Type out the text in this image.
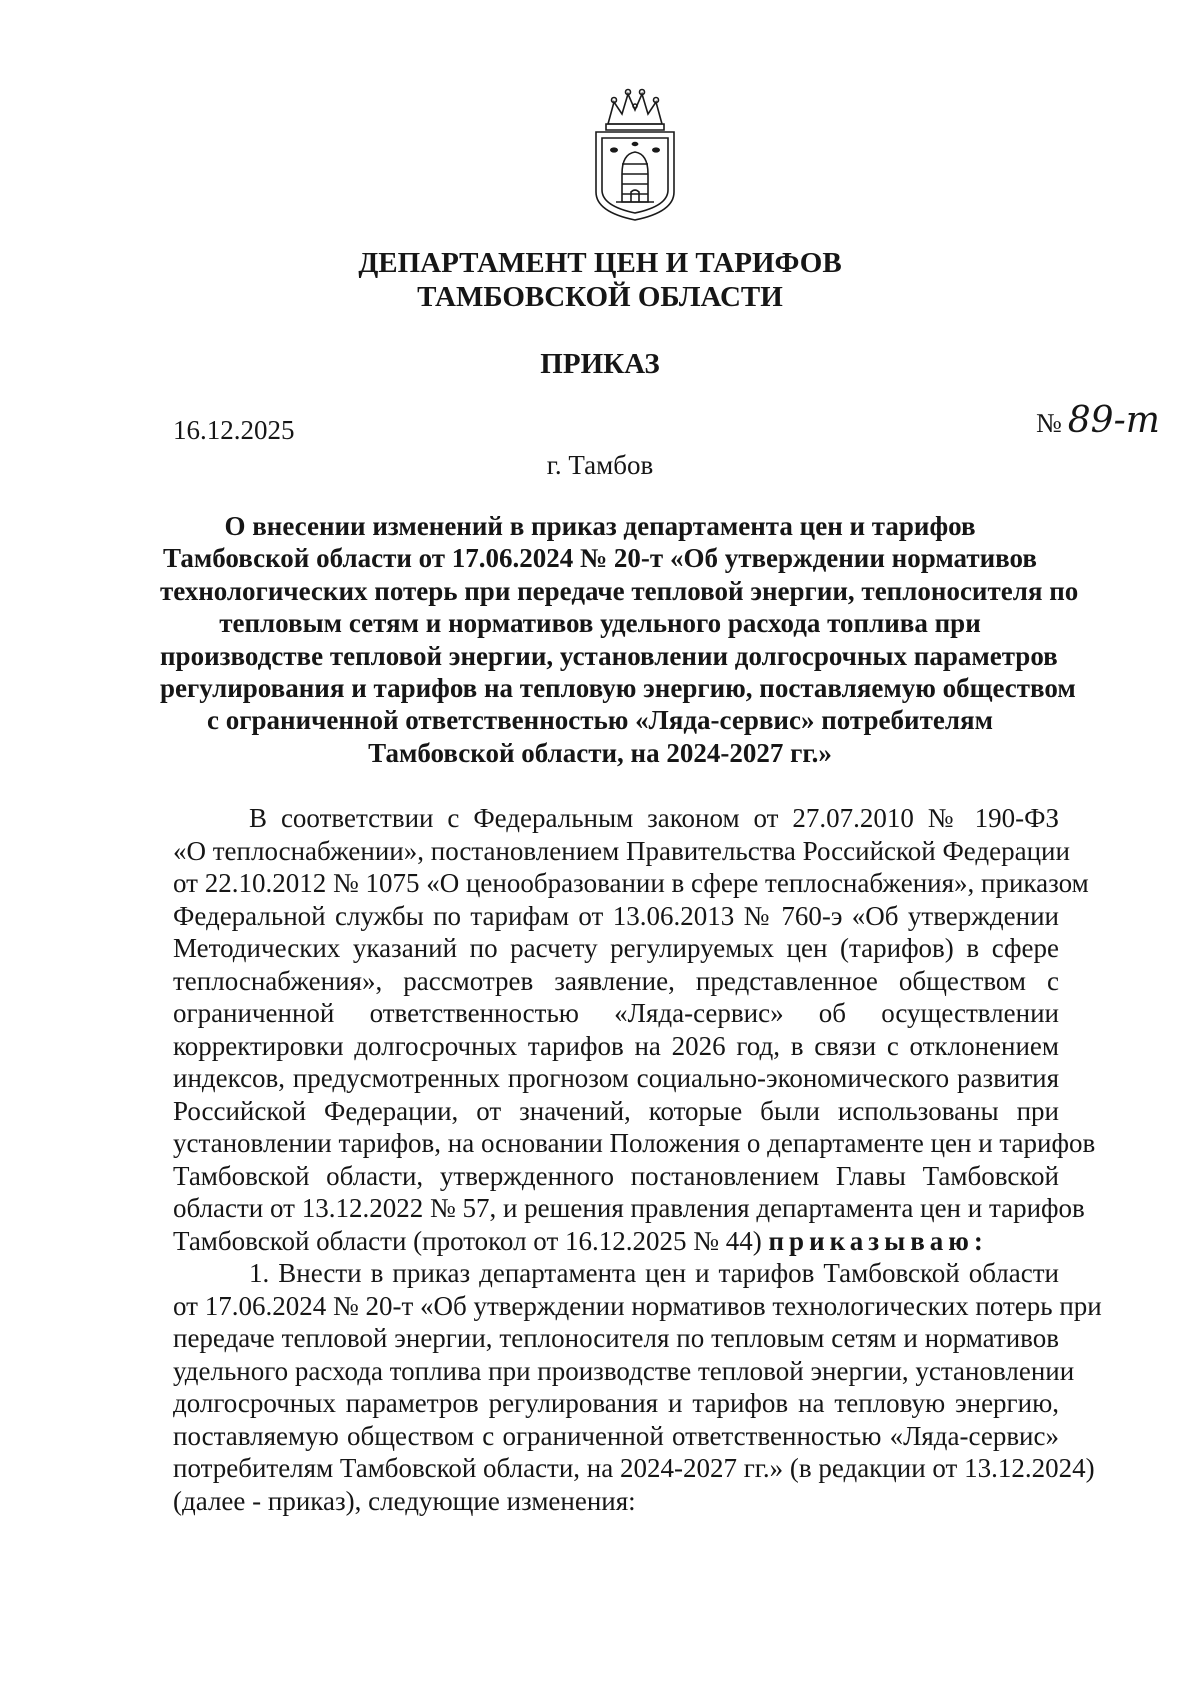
ДЕПАРТАМЕНТ ЦЕН И ТАРИФОВ
ТАМБОВСКОЙ ОБЛАСТИ
ПРИКАЗ
16.12.2025	№ 89-т
г. Тамбов
О внесении изменений в приказ департамента цен и тарифов
Тамбовской области от 17.06.2024 № 20-т «Об утверждении нормативов
технологических потерь при передаче тепловой энергии, теплоносителя по
тепловым сетям и нормативов удельного расхода топлива при
производстве тепловой энергии, установлении долгосрочных параметров
регулирования и тарифов на тепловую энергию, поставляемую обществом
с ограниченной ответственностью «Ляда-сервис» потребителям
Тамбовской области, на 2024-2027 гг.»
В соответствии с Федеральным законом от 27.07.2010 № 190-ФЗ
«О теплоснабжении», постановлением Правительства Российской Федерации
от 22.10.2012 № 1075 «О ценообразовании в сфере теплоснабжения», приказом
Федеральной службы по тарифам от 13.06.2013 № 760-э «Об утверждении
Методических указаний по расчету регулируемых цен (тарифов) в сфере
теплоснабжения», рассмотрев заявление, представленное обществом с
ограниченной ответственностью «Ляда-сервис» об осуществлении
корректировки долгосрочных тарифов на 2026 год, в связи с отклонением
индексов, предусмотренных прогнозом социально-экономического развития
Российской Федерации, от значений, которые были использованы при
установлении тарифов, на основании Положения о департаменте цен и тарифов
Тамбовской области, утвержденного постановлением Главы Тамбовской
области от 13.12.2022 № 57, и решения правления департамента цен и тарифов
Тамбовской области (протокол от 16.12.2025 № 44) приказываю:
1. Внести в приказ департамента цен и тарифов Тамбовской области
от 17.06.2024 № 20-т «Об утверждении нормативов технологических потерь при
передаче тепловой энергии, теплоносителя по тепловым сетям и нормативов
удельного расхода топлива при производстве тепловой энергии, установлении
долгосрочных параметров регулирования и тарифов на тепловую энергию,
поставляемую обществом с ограниченной ответственностью «Ляда-сервис»
потребителям Тамбовской области, на 2024-2027 гг.» (в редакции от 13.12.2024)
(далее - приказ), следующие изменения:
